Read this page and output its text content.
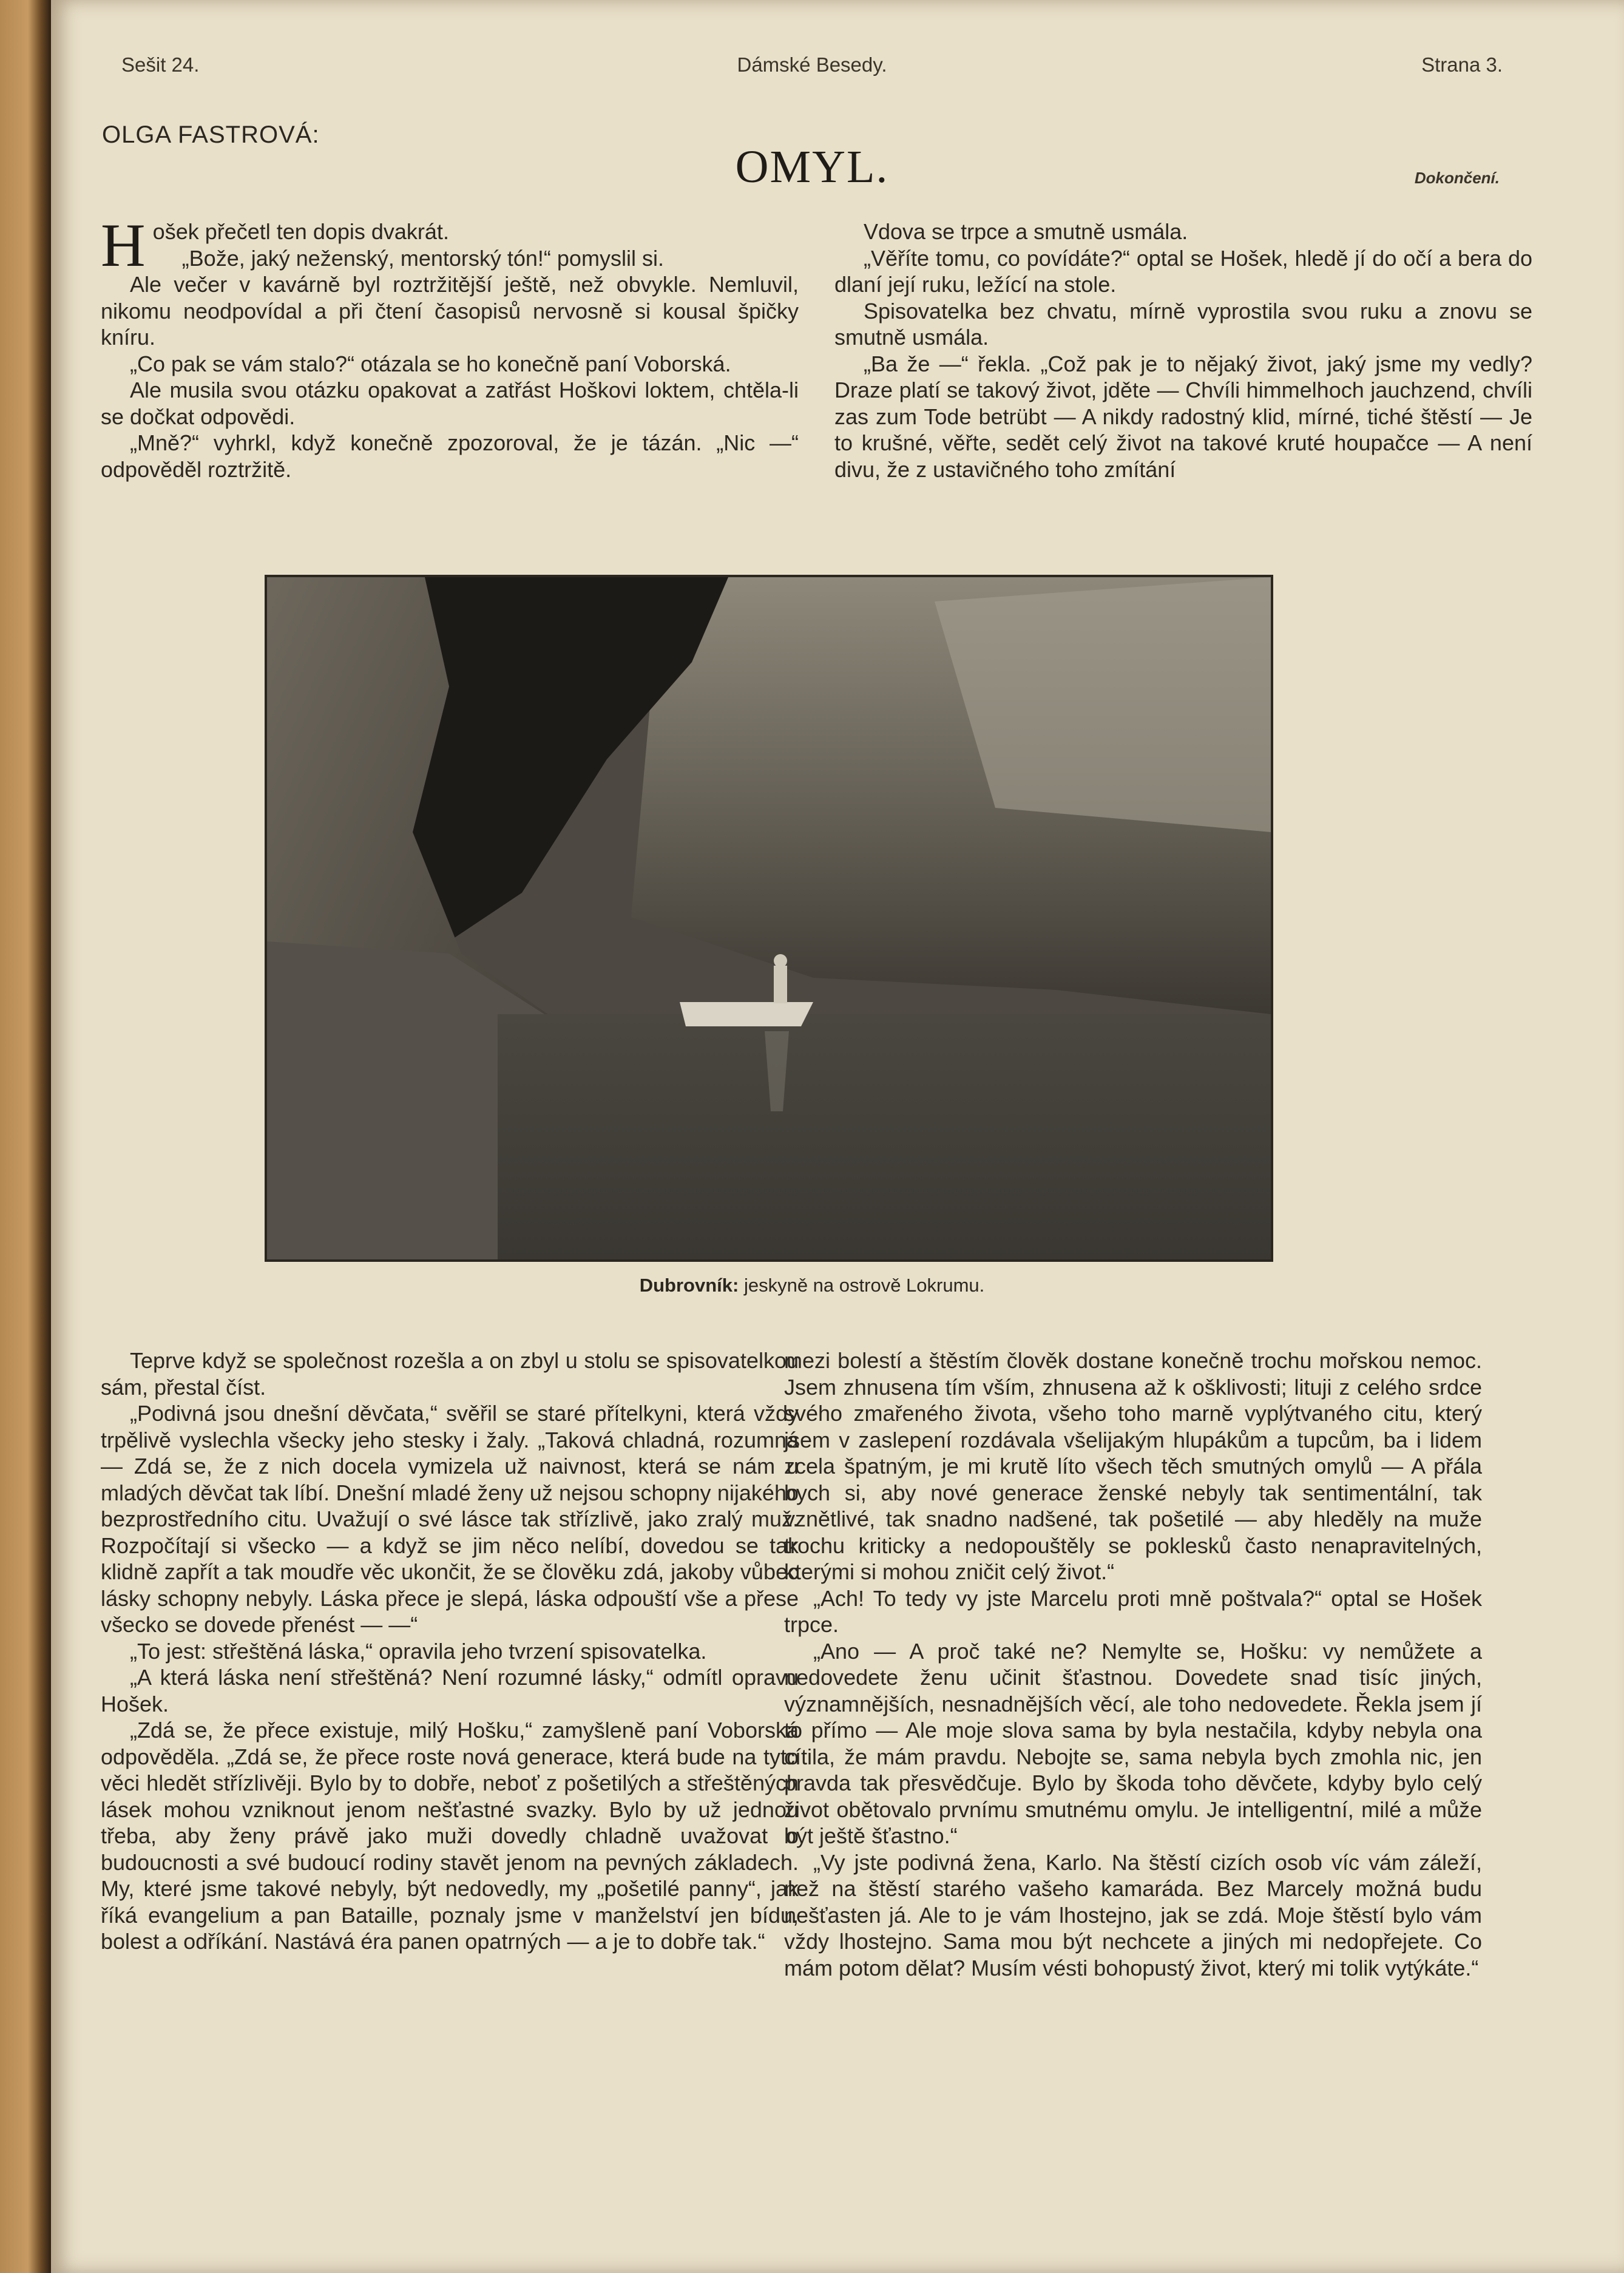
Sešit 24.	Dámské Besedy.	Strana 3.
OLGA FASTROVÁ:
OMYL.	Dokončení.

Hošek přečetl ten dopis dvakrát.

„Bože, jaký neženský, mentorský tón!“ pomyslil si.

Ale večer v kavárně byl roztržitější ještě, než obvykle. Nemluvil, nikomu neodpovídal a při čtení časopisů nervosně si kousal špičky kníru.

„Co pak se vám stalo?“ otázala se ho konečně paní Voborská.

Ale musila svou otázku opakovat a zatřást Hoškovi loktem, chtěla-li se dočkat odpovědi.

„Mně?“ vyhrkl, když konečně zpozoroval, že je tázán. „Nic —“ odpověděl roztržitě.

Vdova se trpce a smutně usmála.

„Věříte tomu, co povídáte?“ optal se Hošek, hledě jí do očí a bera do dlaní její ruku, ležící na stole.

Spisovatelka bez chvatu, mírně vyprostila svou ruku a znovu se smutně usmála.

„Ba že —“ řekla. „Což pak je to nějaký život, jaký jsme my vedly? Draze platí se takový život, jděte — Chvíli himmelhoch jauchzend, chvíli zas zum Tode betrübt — A nikdy radostný klid, mírné, tiché štěstí — Je to krušné, věřte, sedět celý život na takové kruté houpačce — A není divu, že z ustavičného toho zmítání

Dubrovník: jeskyně na ostrově Lokrumu.

Teprve když se společnost rozešla a on zbyl u stolu se spisovatelkou sám, přestal číst.

„Podivná jsou dnešní děvčata,“ svěřil se staré přítelkyni, která vždy trpělivě vyslechla všecky jeho stesky i žaly. „Taková chladná, rozumná — Zdá se, že z nich docela vymizela už naivnost, která se nám u mladých děvčat tak líbí. Dnešní mladé ženy už nejsou schopny nijakého bezprostředního citu. Uvažují o své lásce tak střízlivě, jako zralý muž. Rozpočítají si všecko — a když se jim něco nelíbí, dovedou se tak klidně zapřít a tak moudře věc ukončit, že se člověku zdá, jakoby vůbec lásky schopny nebyly. Láska přece je slepá, láska odpouští vše a přese všecko se dovede přenést — —“

„To jest: střeštěná láska,“ opravila jeho tvrzení spisovatelka.

„A která láska není střeštěná? Není rozumné lásky,“ odmítl opravu Hošek.

„Zdá se, že přece existuje, milý Hošku,“ zamyšleně paní Voborská odpověděla. „Zdá se, že přece roste nová generace, která bude na tyto věci hledět střízlivěji. Bylo by to dobře, neboť z pošetilých a střeštěných lásek mohou vzniknout jenom nešťastné svazky. Bylo by už jednou třeba, aby ženy právě jako muži dovedly chladně uvažovat o budoucnosti a své budoucí rodiny stavět jenom na pevných základech. My, které jsme takové nebyly, být nedovedly, my „pošetilé panny“, jak říká evangelium a pan Bataille, poznaly jsme v manželství jen bídu, bolest a odříkání. Nastává éra panen opatrných — a je to dobře tak.“

mezi bolestí a štěstím člověk dostane konečně trochu mořskou nemoc. Jsem zhnusena tím vším, zhnusena až k ošklivosti; lituji z celého srdce svého zmařeného života, všeho toho marně vyplýtvaného citu, který jsem v zaslepení rozdávala všelijakým hlupákům a tupcům, ba i lidem zcela špatným, je mi krutě líto všech těch smutných omylů — A přála bych si, aby nové generace ženské nebyly tak sentimentální, tak vznětlivé, tak snadno nadšené, tak pošetilé — aby hleděly na muže trochu kriticky a nedopouštěly se poklesků často nenapravitelných, kterými si mohou zničit celý život.“

„Ach! To tedy vy jste Marcelu proti mně poštvala?“ optal se Hošek trpce.

„Ano — A proč také ne? Nemylte se, Hošku: vy nemůžete a nedovedete ženu učinit šťastnou. Dovedete snad tisíc jiných, významnějších, nesnadnějších věcí, ale toho nedovedete. Řekla jsem jí to přímo — Ale moje slova sama by byla nestačila, kdyby nebyla ona cítila, že mám pravdu. Nebojte se, sama nebyla bych zmohla nic, jen pravda tak přesvědčuje. Bylo by škoda toho děvčete, kdyby bylo celý život obětovalo prvnímu smutnému omylu. Je intelligentní, milé a může být ještě šťastno.“

„Vy jste podivná žena, Karlo. Na štěstí cizích osob víc vám záleží, než na štěstí starého vašeho kamaráda. Bez Marcely možná budu nešťasten já. Ale to je vám lhostejno, jak se zdá. Moje štěstí bylo vám vždy lhostejno. Sama mou být nechcete a jiných mi nedopřejete. Co mám potom dělat? Musím vésti bohopustý život, který mi tolik vytýkáte.“
